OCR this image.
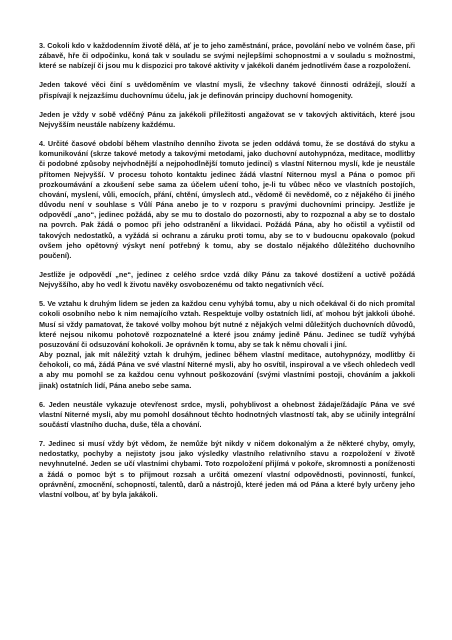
3. Cokoli kdo v každodenním životě dělá, ať je to jeho zaměstnání, práce, povolání nebo ve volném čase, při zábavě, hře či odpočinku, koná tak v souladu se svými nejlepšími schopnostmi a v souladu s možnostmi, které se nabízejí či jsou mu k dispozici pro takové aktivity v jakékoli daném jednotlivém čase a rozpoložení.

Jeden takové věci činí s uvědoměním ve vlastní mysli, že všechny takové činnosti odrážejí, slouží a přispívají k nejzazšímu duchovnímu účelu, jak je definován principy duchovní homogenity.

Jeden je vždy v sobě vděčný Pánu za jakékoli příležitosti angažovat se v takových aktivitách, které jsou Nejvyšším neustále nabízeny každému.

4. Určité časové období během vlastního denního života se jeden oddává tomu, že se dostává do styku a komunikování (skrze takové metody a takovými metodami, jako duchovní autohypnóza, meditace, modlitby či podobné způsoby nejvhodnější a nejpohodlnější tomuto jedinci) s vlastní Niternou myslí, kde je neustále přítomen Nejvyšší. V procesu tohoto kontaktu jedinec žádá vlastní Niternou mysl a Pána o pomoc při prozkoumávání a zkoušení sebe sama za účelem učení toho, je-li tu vůbec něco ve vlastních postojích, chování, myslení, vůli, emocích, přání, chtění, úmyslech atd., vědomě či nevědomě, co z nějakého či jiného důvodu není v souhlase s Vůlí Pána anebo je to v rozporu s pravými duchovními principy. Jestliže je odpovědí „ano“, jedinec požádá, aby se mu to dostalo do pozornosti, aby to rozpoznal a aby se to dostalo na povrch. Pak žádá o pomoc při jeho odstranění a likvidaci. Požádá Pána, aby ho očistil a vyčistil od takových nedostatků, a vyžádá si ochranu a záruku proti tomu, aby se to v budoucnu opakovalo (pokud ovšem jeho opětovný výskyt není potřebný k tomu, aby se dostalo nějakého důležitého duchovního poučení).

Jestliže je odpovědí „ne“, jedinec z celého srdce vzdá díky Pánu za takové dostižení a uctivě požádá Nejvyššího, aby ho vedl k životu navěky osvobozenému od takto negativních věcí.

5. Ve vztahu k druhým lidem se jeden za každou cenu vyhýbá tomu, aby u nich očekával či do nich promítal cokoli osobního nebo k nim nemajícího vztah. Respektuje volby ostatních lidí, ať mohou být jakkoli úbohé. Musí si vždy pamatovat, že takové volby mohou být nutné z nějakých velmi důležitých duchovních důvodů, které nejsou nikomu pohotově rozpoznatelné a které jsou známy jedině Pánu. Jedinec se tudíž vyhýbá posuzování či odsuzování kohokoli. Je oprávněn k tomu, aby se tak k němu chovali i jiní.
Aby poznal, jak mít náležitý vztah k druhým, jedinec během vlastní meditace, autohypnózy, modlitby či čehokoli, co má, žádá Pána ve své vlastní Niterné mysli, aby ho osvítil, inspiroval a ve všech ohledech vedl a aby mu pomohl se za každou cenu vyhnout poškozování (svými vlastními postoji, chováním a jakkoli jinak) ostatních lidí, Pána anebo sebe sama.

6. Jeden neustále vykazuje otevřenost srdce, mysli, pohyblivost a ohebnost žádaje/žádajíc Pána ve své vlastní Niterné mysli, aby mu pomohl dosáhnout těchto hodnotných vlastností tak, aby se učinily integrální součástí vlastního ducha, duše, těla a chování.

7. Jedinec si musí vždy být vědom, že nemůže být nikdy v ničem dokonalým a že některé chyby, omyly, nedostatky, pochyby a nejistoty jsou jako výsledky vlastního relativního stavu a rozpoložení v životě nevyhnutelné. Jeden se učí vlastními chybami. Toto rozpoložení přijímá v pokoře, skromnosti a poníženosti a žádá o pomoc být s to přijmout rozsah a určitá omezení vlastní odpovědnosti, povinností, funkcí, oprávnění, zmocnění, schopností, talentů, darů a nástrojů, které jeden má od Pána a které byly určeny jeho vlastní volbou, ať by byla jakákoli.
